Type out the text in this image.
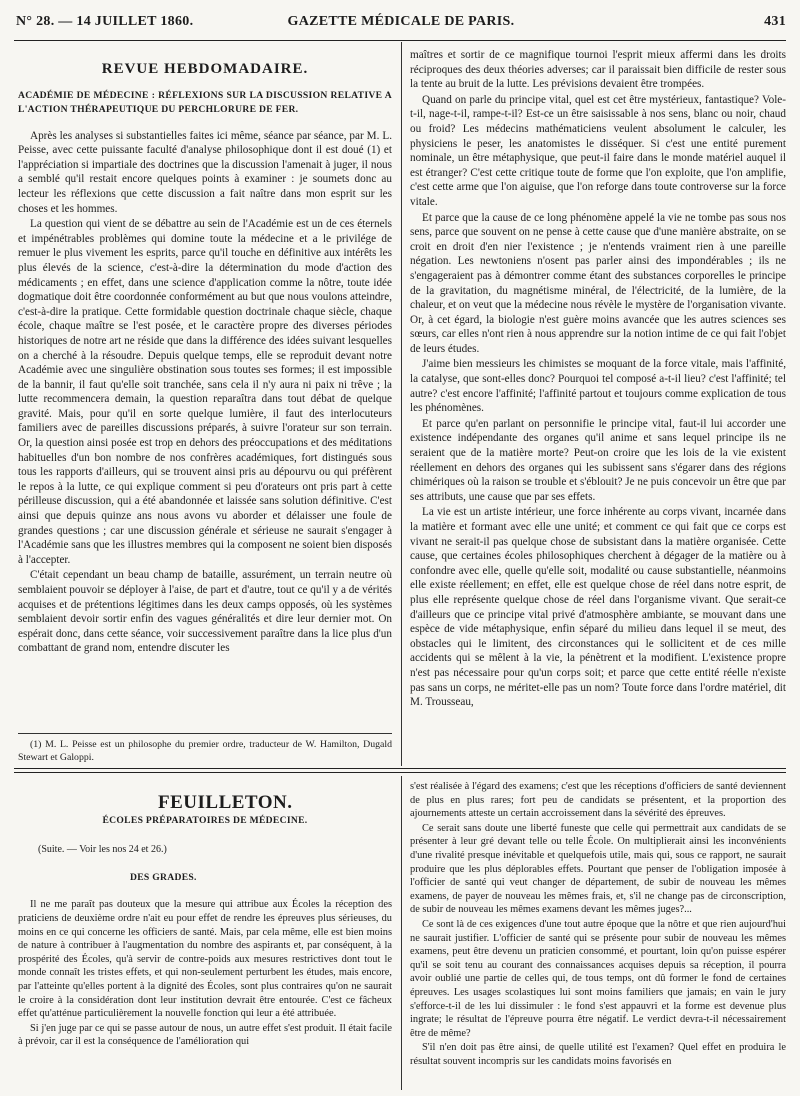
N° 28. — 14 JUILLET 1860.	GAZETTE MÉDICALE DE PARIS.	431
REVUE HEBDOMADAIRE.
ACADÉMIE DE MÉDECINE : RÉFLEXIONS SUR LA DISCUSSION RELATIVE A L'ACTION THÉRAPEUTIQUE DU PERCHLORURE DE FER.

Après les analyses si substantielles faites ici même, séance par séance, par M. L. Peisse, avec cette puissante faculté d'analyse philosophique dont il est doué (1) et l'appréciation si impartiale des doctrines que la discussion l'amenait à juger, il nous a semblé qu'il restait encore quelques points à examiner : je soumets donc au lecteur les réflexions que cette discussion a fait naître dans mon esprit sur les choses et les hommes.

La question qui vient de se débattre au sein de l'Académie est un de ces éternels et impénétrables problèmes qui domine toute la médecine et a le privilége de remuer le plus vivement les esprits, parce qu'il touche en définitive aux intérêts les plus élevés de la science, c'est-à-dire la détermination du mode d'action des médicaments ; en effet, dans une science d'application comme la nôtre, toute idée dogmatique doit être coordonnée conformément au but que nous voulons atteindre, c'est-à-dire la pratique. Cette formidable question doctrinale chaque siècle, chaque école, chaque maître se l'est posée, et le caractère propre des diverses périodes historiques de notre art ne réside que dans la différence des idées suivant lesquelles on a cherché à la résoudre. Depuis quelque temps, elle se reproduit devant notre Académie avec une singulière obstination sous toutes ses formes; il est impossible de la bannir, il faut qu'elle soit tranchée, sans cela il n'y aura ni paix ni trêve ; la lutte recommencera demain, la question reparaîtra dans tout débat de quelque gravité. Mais, pour qu'il en sorte quelque lumière, il faut des interlocuteurs familiers avec de pareilles discussions préparés, à suivre l'orateur sur son terrain. Or, la question ainsi posée est trop en dehors des préoccupations et des méditations habituelles d'un bon nombre de nos confrères académiques, fort distingués sous tous les rapports d'ailleurs, qui se trouvent ainsi pris au dépourvu ou qui préfèrent le repos à la lutte, ce qui explique comment si peu d'orateurs ont pris part à cette périlleuse discussion, qui a été abandonnée et laissée sans solution définitive. C'est ainsi que depuis quinze ans nous avons vu aborder et délaisser une foule de grandes questions ; car une discussion générale et sérieuse ne saurait s'engager à l'Académie sans que les illustres membres qui la composent ne soient bien disposés à l'accepter.

C'était cependant un beau champ de bataille, assurément, un terrain neutre où semblaient pouvoir se déployer à l'aise, de part et d'autre, tout ce qu'il y a de vérités acquises et de prétentions légitimes dans les deux camps opposés, où les systèmes semblaient devoir sortir enfin des vagues généralités et dire leur dernier mot. On espérait donc, dans cette séance, voir successivement paraître dans la lice plus d'un combattant de grand nom, entendre discuter les

(1) M. L. Peisse est un philosophe du premier ordre, traducteur de W. Hamilton, Dugald Stewart et Galoppi.

maîtres et sortir de ce magnifique tournoi l'esprit mieux affermi dans les droits réciproques des deux théories adverses; car il paraissait bien difficile de rester sous la tente au bruit de la lutte. Les prévisions devaient être trompées.

Quand on parle du principe vital, quel est cet être mystérieux, fantastique? Vole-t-il, nage-t-il, rampe-t-il? Est-ce un être saisissable à nos sens, blanc ou noir, chaud ou froid? Les médecins mathématiciens veulent absolument le calculer, les physiciens le peser, les anatomistes le disséquer. Si c'est une entité purement nominale, un être métaphysique, que peut-il faire dans le monde matériel auquel il est étranger? C'est cette critique toute de forme que l'on exploite, que l'on amplifie, c'est cette arme que l'on aiguise, que l'on reforge dans toute controverse sur la force vitale.

Et parce que la cause de ce long phénomène appelé la vie ne tombe pas sous nos sens, parce que souvent on ne pense à cette cause que d'une manière abstraite, on se croit en droit d'en nier l'existence ; je n'entends vraiment rien à une pareille négation. Les newtoniens n'osent pas parler ainsi des impondérables ; ils ne s'engageraient pas à démontrer comme étant des substances corporelles le principe de la gravitation, du magnétisme minéral, de l'électricité, de la lumière, de la chaleur, et on veut que la médecine nous révèle le mystère de l'organisation vivante. Or, à cet égard, la biologie n'est guère moins avancée que les autres sciences ses sœurs, car elles n'ont rien à nous apprendre sur la notion intime de ce qui fait l'objet de leurs études.

J'aime bien messieurs les chimistes se moquant de la force vitale, mais l'affinité, la catalyse, que sont-elles donc? Pourquoi tel composé a-t-il lieu? c'est l'affinité; tel autre? c'est encore l'affinité; l'affinité partout et toujours comme explication de tous les phénomènes.

Et parce qu'en parlant on personnifie le principe vital, faut-il lui accorder une existence indépendante des organes qu'il anime et sans lequel principe ils ne seraient que de la matière morte? Peut-on croire que les lois de la vie existent réellement en dehors des organes qui les subissent sans s'égarer dans des régions chimériques où la raison se trouble et s'éblouit? Je ne puis concevoir un être que par ses attributs, une cause que par ses effets.

La vie est un artiste intérieur, une force inhérente au corps vivant, incarnée dans la matière et formant avec elle une unité; et comment ce qui fait que ce corps est vivant ne serait-il pas quelque chose de subsistant dans la matière organisée. Cette cause, que certaines écoles philosophiques cherchent à dégager de la matière ou à confondre avec elle, quelle qu'elle soit, modalité ou cause substantielle, néanmoins elle existe réellement; en effet, elle est quelque chose de réel dans notre esprit, de plus elle représente quelque chose de réel dans l'organisme vivant. Que serait-ce d'ailleurs que ce principe vital privé d'atmosphère ambiante, se mouvant dans une espèce de vide métaphysique, enfin séparé du milieu dans lequel il se meut, des obstacles qui le limitent, des circonstances qui le sollicitent et de ces mille accidents qui se mêlent à la vie, la pénètrent et la modifient. L'existence propre n'est pas nécessaire pour qu'un corps soit; et parce que cette entité réelle n'existe pas sans un corps, ne méritet-elle pas un nom? Toute force dans l'ordre matériel, dit M. Trousseau,

FEUILLETON.
ÉCOLES PRÉPARATOIRES DE MÉDECINE.
(Suite. — Voir les nos 24 et 26.)
DES GRADES.

Il ne me paraît pas douteux que la mesure qui attribue aux Écoles la réception des praticiens de deuxième ordre n'ait eu pour effet de rendre les épreuves plus sérieuses, du moins en ce qui concerne les officiers de santé. Mais, par cela même, elle est bien moins de nature à contribuer à l'augmentation du nombre des aspirants et, par conséquent, à la prospérité des Écoles, qu'à servir de contre-poids aux mesures restrictives dont tout le monde connaît les tristes effets, et qui non-seulement perturbent les études, mais encore, par l'atteinte qu'elles portent à la dignité des Écoles, sont plus contraires qu'on ne saurait le croire à la considération dont leur institution devrait être entourée. C'est ce fâcheux effet qu'atténue particulièrement la nouvelle fonction qui leur a été attribuée.

Si j'en juge par ce qui se passe autour de nous, un autre effet s'est produit. Il était facile à prévoir, car il est la conséquence de l'amélioration qui

s'est réalisée à l'égard des examens; c'est que les réceptions d'officiers de santé deviennent de plus en plus rares; fort peu de candidats se présentent, et la proportion des ajournements atteste un certain accroissement dans la sévérité des épreuves.

Ce serait sans doute une liberté funeste que celle qui permettrait aux candidats de se présenter à leur gré devant telle ou telle École. On multiplierait ainsi les inconvénients d'une rivalité presque inévitable et quelquefois utile, mais qui, sous ce rapport, ne saurait produire que les plus déplorables effets. Pourtant que penser de l'obligation imposée à l'officier de santé qui veut changer de département, de subir de nouveau les mêmes examens, de payer de nouveau les mêmes frais, et, s'il ne change pas de circonscription, de subir de nouveau les mêmes examens devant les mêmes juges?...

Ce sont là de ces exigences d'une tout autre époque que la nôtre et que rien aujourd'hui ne saurait justifier. L'officier de santé qui se présente pour subir de nouveau les mêmes examens, peut être devenu un praticien consommé, et pourtant, loin qu'on puisse espérer qu'il se soit tenu au courant des connaissances acquises depuis sa réception, il pourra avoir oublié une partie de celles qui, de tous temps, ont dû former le fond de certaines épreuves. Les usages scolastiques lui sont moins familiers que jamais; en vain le jury s'efforce-t-il de les lui dissimuler : le fond s'est appauvri et la forme est devenue plus ingrate; le résultat de l'épreuve pourra être négatif. Le verdict devra-t-il nécessairement être de même?

S'il n'en doit pas être ainsi, de quelle utilité est l'examen? Quel effet en produira le résultat souvent incompris sur les candidats moins favorisés en
